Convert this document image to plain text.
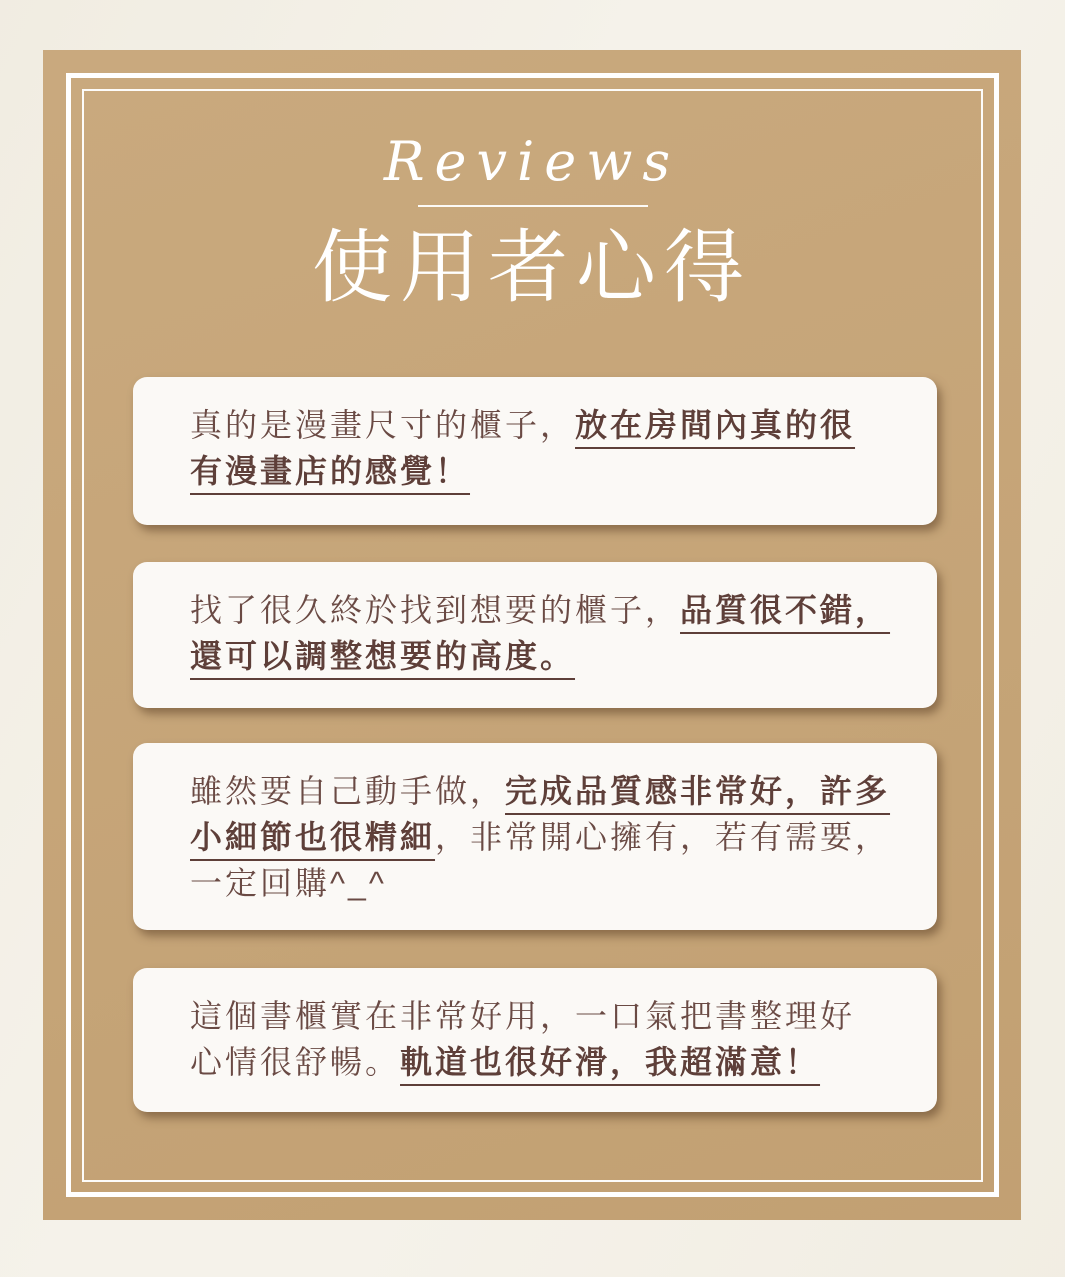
Reviews
使用者心得

真的是漫畫尺寸的櫃子，放在房間內真的很
有漫畫店的感覺！

找了很久終於找到想要的櫃子，品質很不錯，
還可以調整想要的高度。

雖然要自己動手做，完成品質感非常好，許多
小細節也很精細，非常開心擁有，若有需要，
一定回購^_^

這個書櫃實在非常好用，一口氣把書整理好
心情很舒暢。軌道也很好滑，我超滿意！
